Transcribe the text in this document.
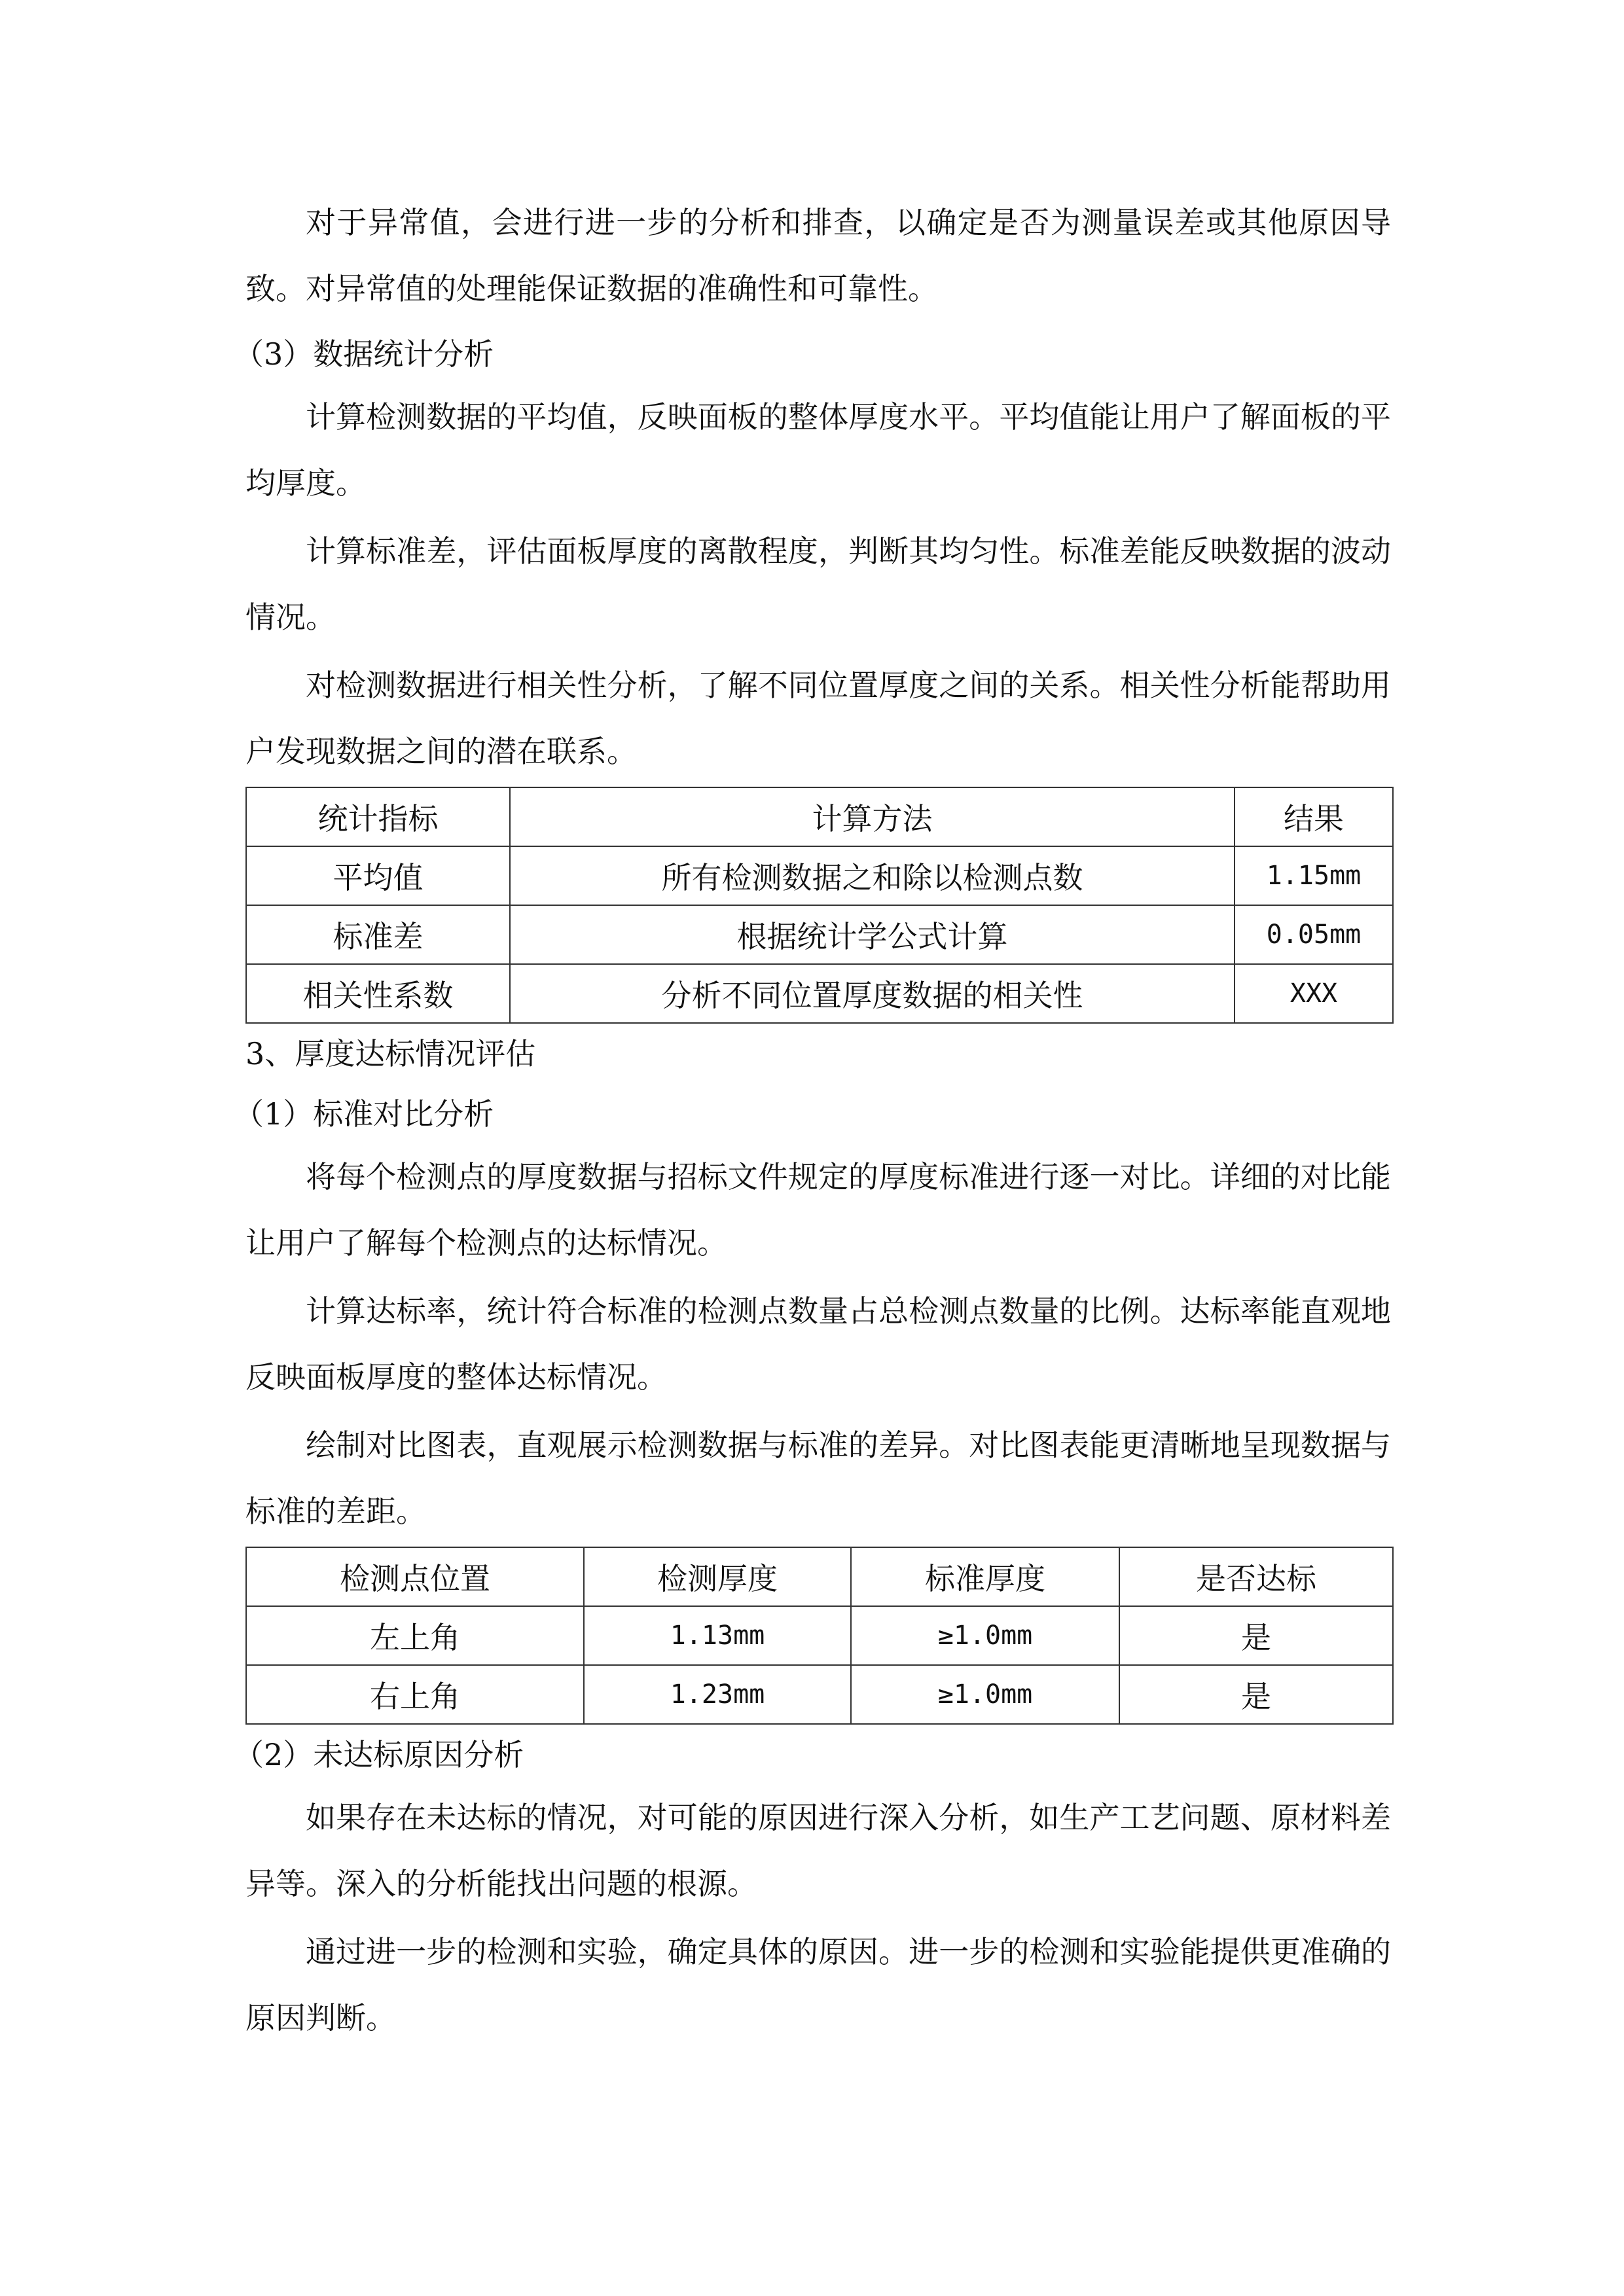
对于异常值，会进行进一步的分析和排查，以确定是否为测量误差或其他原因导致。对异常值的处理能保证数据的准确性和可靠性。

（3）数据统计分析

计算检测数据的平均值，反映面板的整体厚度水平。平均值能让用户了解面板的平均厚度。

计算标准差，评估面板厚度的离散程度，判断其均匀性。标准差能反映数据的波动情况。

对检测数据进行相关性分析，了解不同位置厚度之间的关系。相关性分析能帮助用户发现数据之间的潜在联系。

统计指标	计算方法	结果
平均值	所有检测数据之和除以检测点数	1.15mm
标准差	根据统计学公式计算	0.05mm
相关性系数	分析不同位置厚度数据的相关性	XXX

3、厚度达标情况评估

（1）标准对比分析

将每个检测点的厚度数据与招标文件规定的厚度标准进行逐一对比。详细的对比能让用户了解每个检测点的达标情况。

计算达标率，统计符合标准的检测点数量占总检测点数量的比例。达标率能直观地反映面板厚度的整体达标情况。

绘制对比图表，直观展示检测数据与标准的差异。对比图表能更清晰地呈现数据与标准的差距。

检测点位置	检测厚度	标准厚度	是否达标
左上角	1.13mm	≥1.0mm	是
右上角	1.23mm	≥1.0mm	是

（2）未达标原因分析

如果存在未达标的情况，对可能的原因进行深入分析，如生产工艺问题、原材料差异等。深入的分析能找出问题的根源。

通过进一步的检测和实验，确定具体的原因。进一步的检测和实验能提供更准确的原因判断。
